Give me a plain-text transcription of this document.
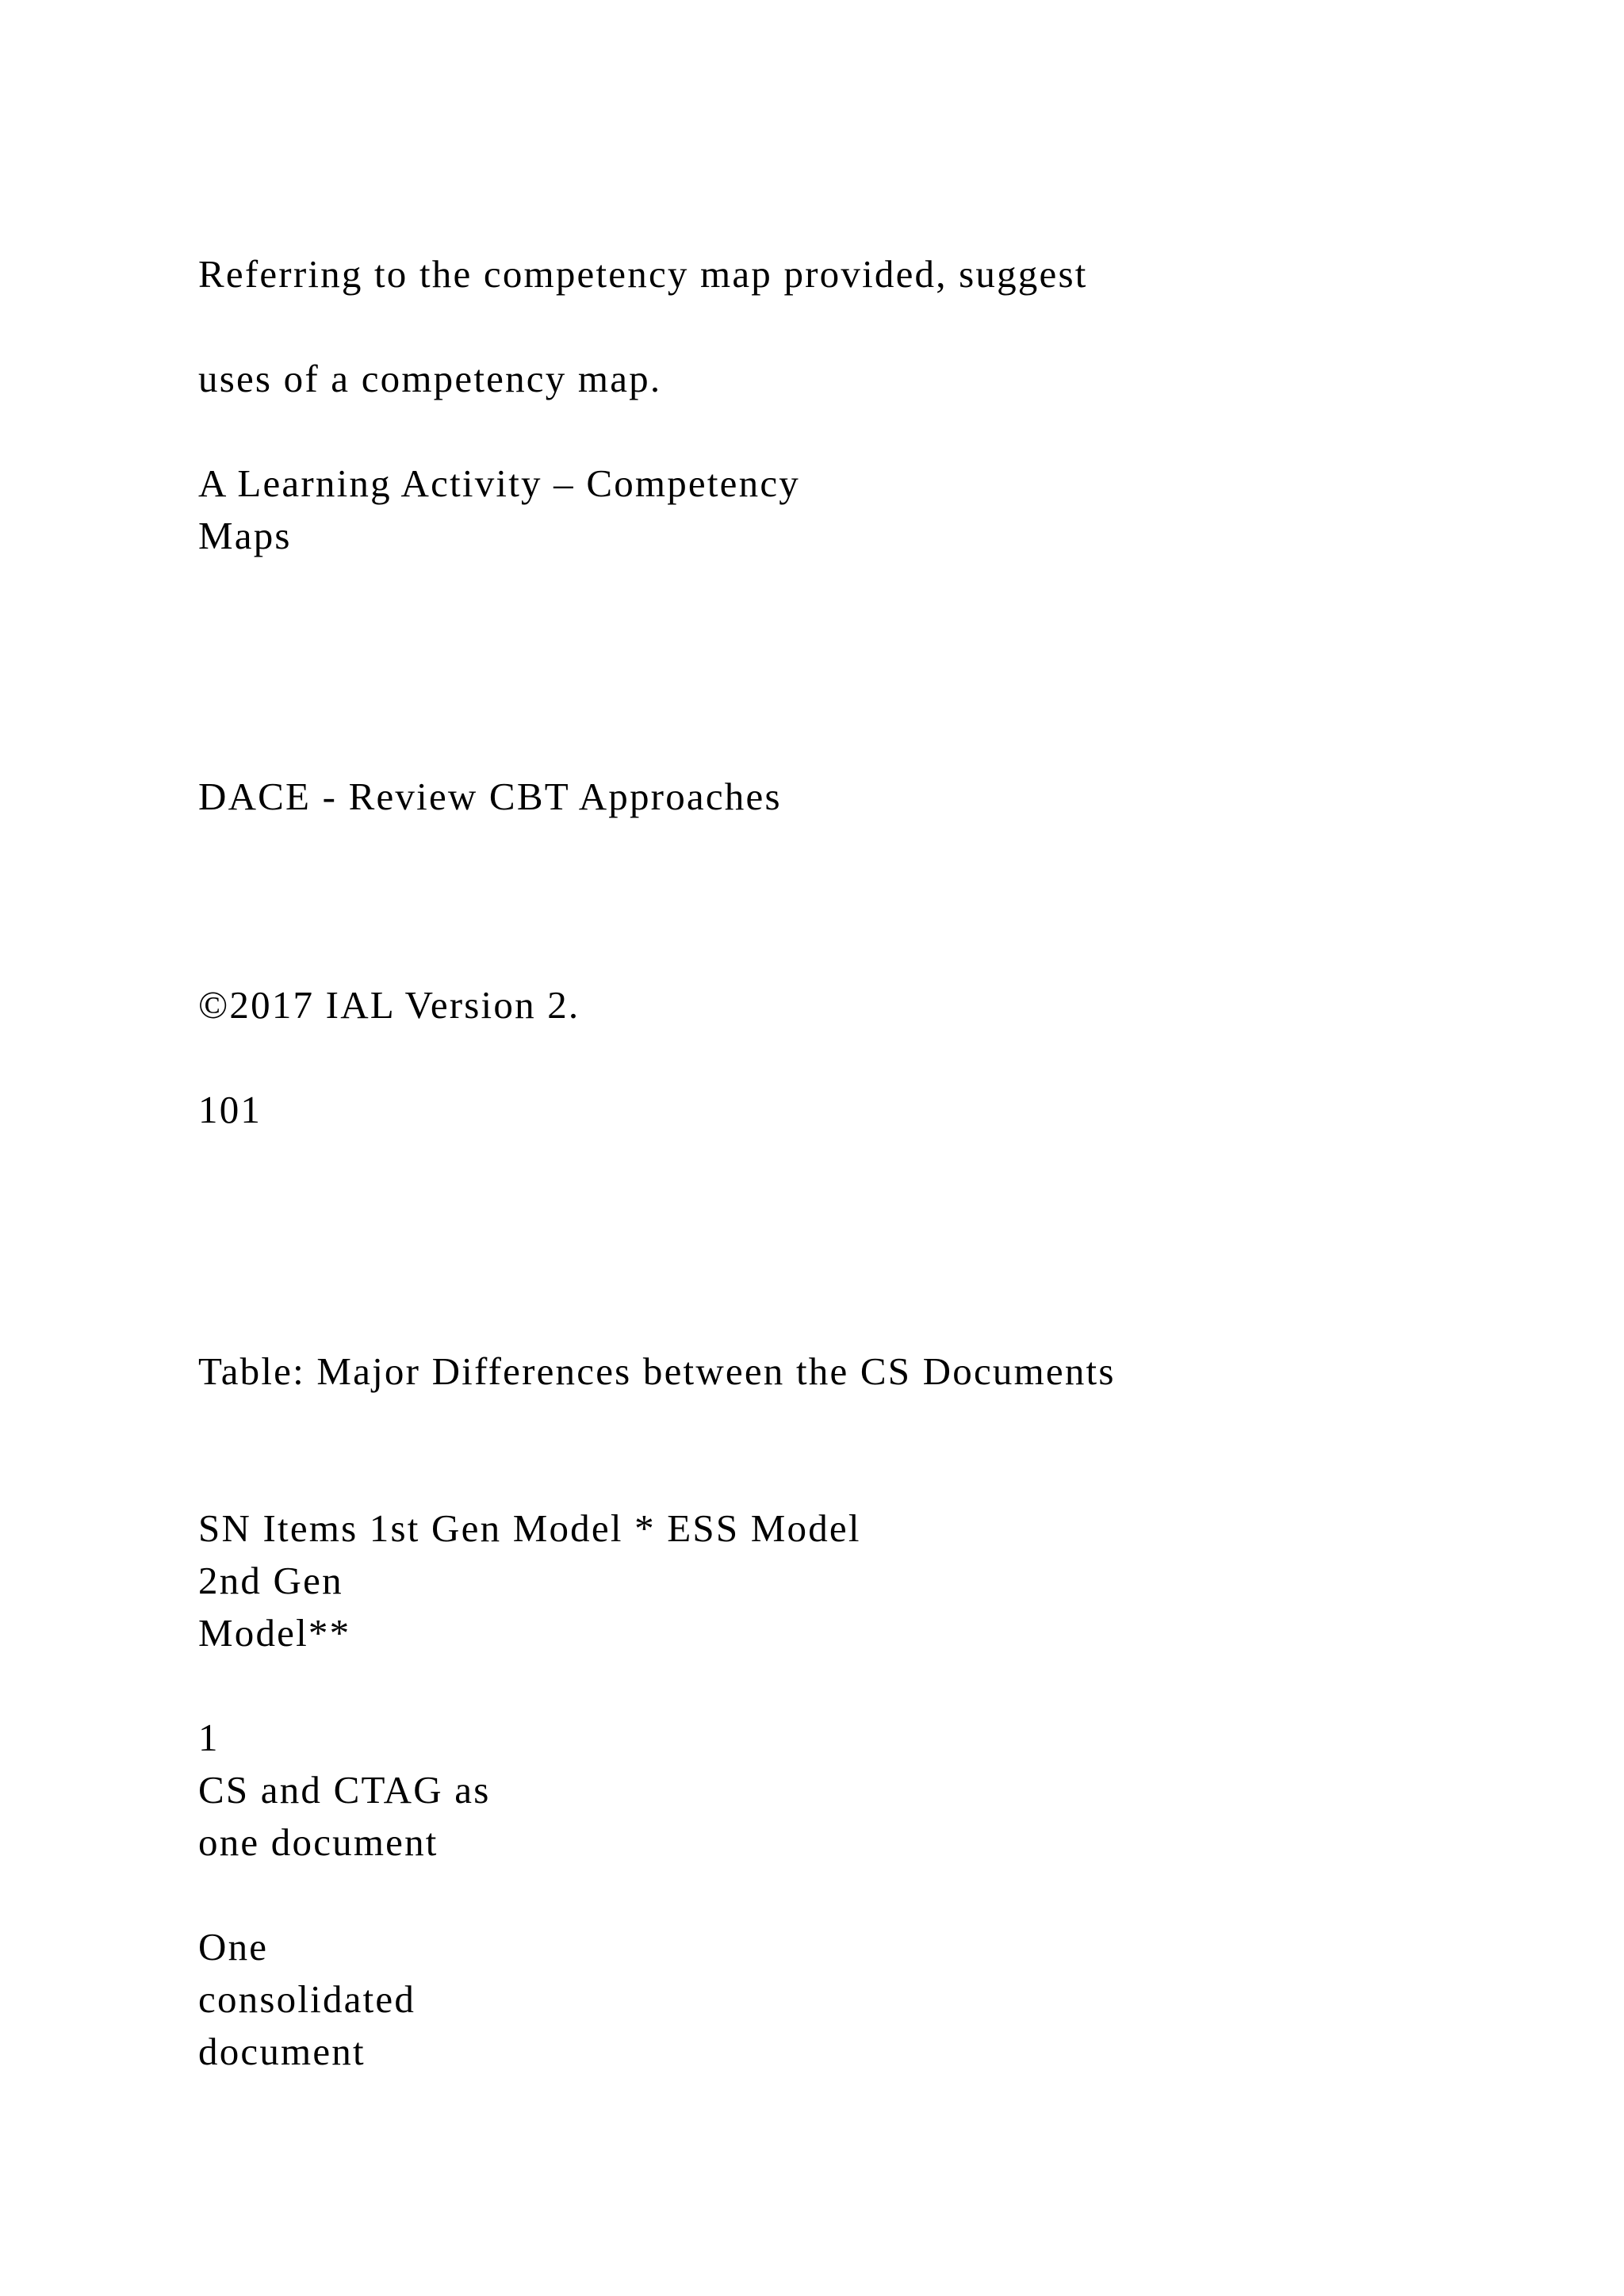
Referring to the competency map provided, suggest
uses of a competency map.
A Learning Activity – Competency
Maps
DACE - Review CBT Approaches
©2017 IAL Version 2.
101
Table: Major Differences between the CS Documents
SN Items 1st Gen Model * ESS Model
2nd Gen
Model**
1
CS and CTAG as
one document
One
consolidated
document
